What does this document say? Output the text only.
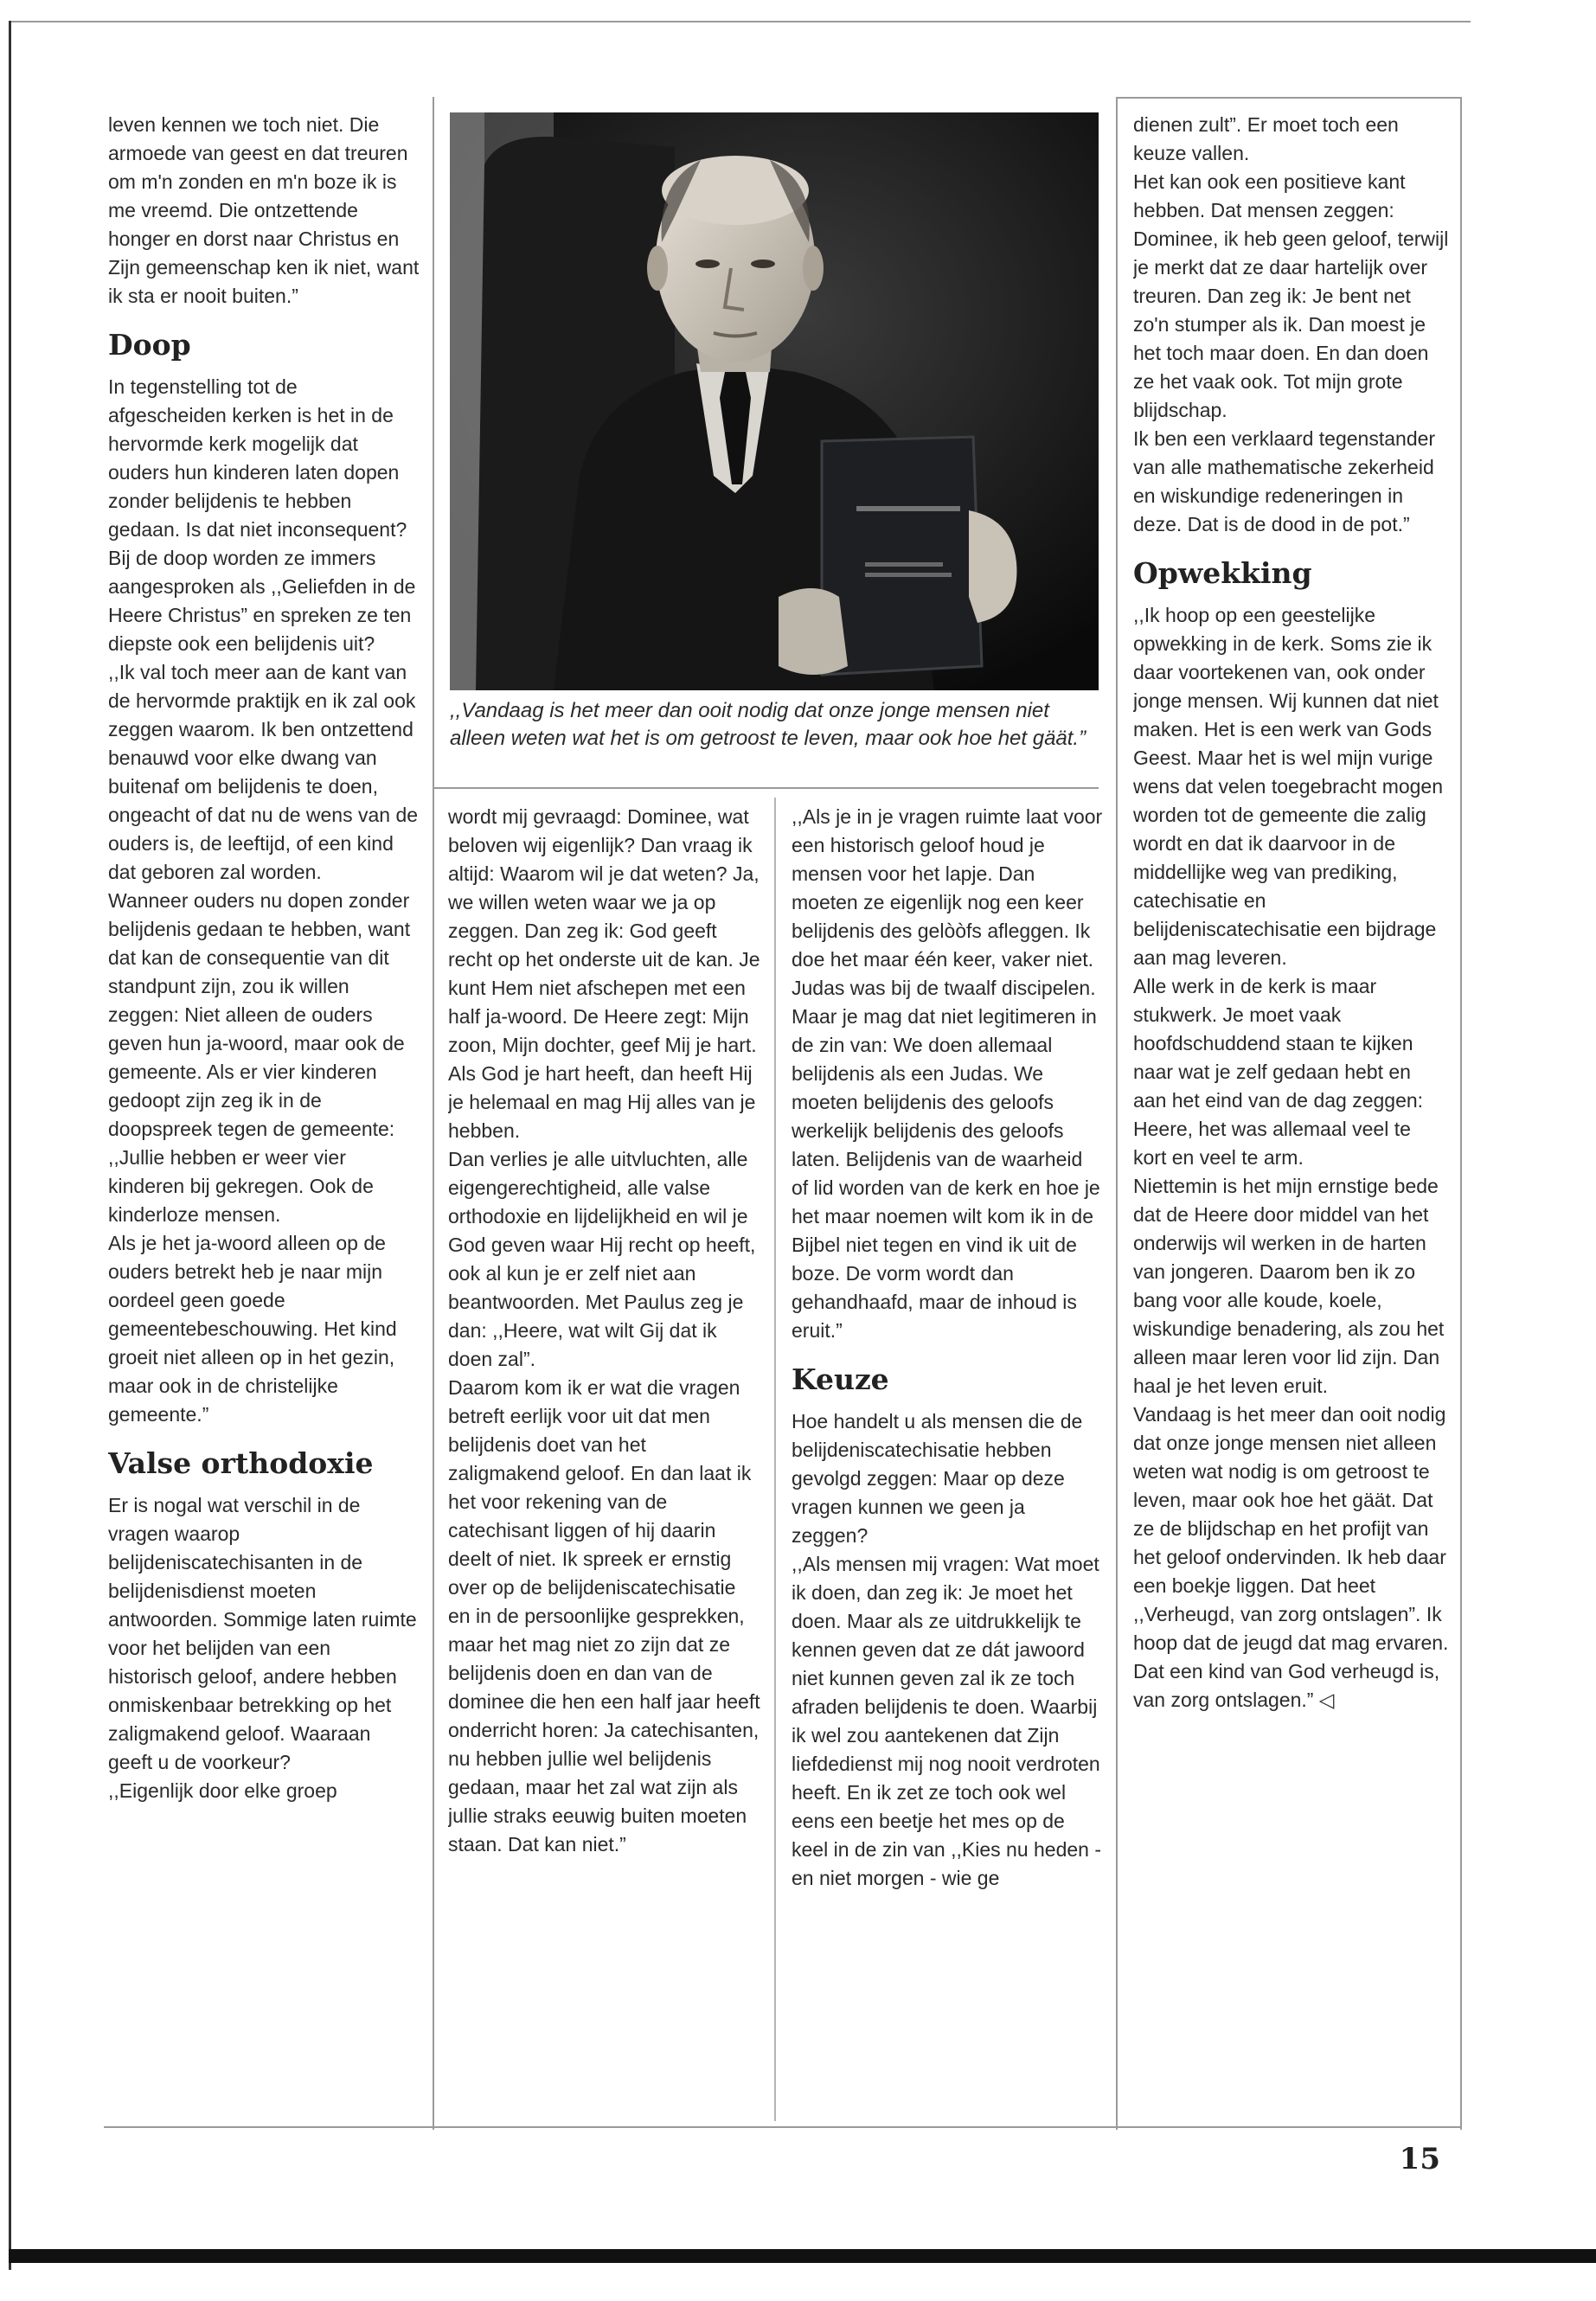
,,Vandaag is het meer dan ooit nodig dat onze jonge mensen niet alleen weten wat het is om getroost te leven, maar ook hoe het gäät.”

leven kennen we toch niet. Die armoede van geest en dat treuren om m'n zonden en m'n boze ik is me vreemd. Die ontzettende honger en dorst naar Christus en Zijn gemeenschap ken ik niet, want ik sta er nooit buiten.”

Doop

In tegenstelling tot de afgescheiden kerken is het in de hervormde kerk mogelijk dat ouders hun kinderen laten dopen zonder belijdenis te hebben gedaan. Is dat niet inconsequent? Bij de doop worden ze immers aangesproken als ,,Geliefden in de Heere Christus” en spreken ze ten diepste ook een belijdenis uit?

,,Ik val toch meer aan de kant van de hervormde praktijk en ik zal ook zeggen waarom. Ik ben ontzettend benauwd voor elke dwang van buitenaf om belijdenis te doen, ongeacht of dat nu de wens van de ouders is, de leeftijd, of een kind dat geboren zal worden.

Wanneer ouders nu dopen zonder belijdenis gedaan te hebben, want dat kan de consequentie van dit standpunt zijn, zou ik willen zeggen: Niet alleen de ouders geven hun ja-woord, maar ook de gemeente. Als er vier kinderen gedoopt zijn zeg ik in de doopspreek tegen de gemeente: ,,Jullie hebben er weer vier kinderen bij gekregen. Ook de kinderloze mensen.

Als je het ja-woord alleen op de ouders betrekt heb je naar mijn oordeel geen goede gemeentebeschouwing. Het kind groeit niet alleen op in het gezin, maar ook in de christelijke gemeente.”

Valse orthodoxie

Er is nogal wat verschil in de vragen waarop belijdeniscatechisanten in de belijdenisdienst moeten antwoorden. Sommige laten ruimte voor het belijden van een historisch geloof, andere hebben onmiskenbaar betrekking op het zaligmakend geloof. Waaraan geeft u de voorkeur?

,,Eigenlijk door elke groep

wordt mij gevraagd: Dominee, wat beloven wij eigenlijk? Dan vraag ik altijd: Waarom wil je dat weten? Ja, we willen weten waar we ja op zeggen. Dan zeg ik: God geeft recht op het onderste uit de kan. Je kunt Hem niet afschepen met een half ja-woord. De Heere zegt: Mijn zoon, Mijn dochter, geef Mij je hart. Als God je hart heeft, dan heeft Hij je helemaal en mag Hij alles van je hebben.

Dan verlies je alle uitvluchten, alle eigengerechtigheid, alle valse orthodoxie en lijdelijkheid en wil je God geven waar Hij recht op heeft, ook al kun je er zelf niet aan beantwoorden. Met Paulus zeg je dan: ,,Heere, wat wilt Gij dat ik doen zal”.

Daarom kom ik er wat die vragen betreft eerlijk voor uit dat men belijdenis doet van het zaligmakend geloof. En dan laat ik het voor rekening van de catechisant liggen of hij daarin deelt of niet. Ik spreek er ernstig over op de belijdeniscatechisatie en in de persoonlijke gesprekken, maar het mag niet zo zijn dat ze belijdenis doen en dan van de dominee die hen een half jaar heeft onderricht horen: Ja catechisanten, nu hebben jullie wel belijdenis gedaan, maar het zal wat zijn als jullie straks eeuwig buiten moeten staan. Dat kan niet.”

,,Als je in je vragen ruimte laat voor een historisch geloof houd je mensen voor het lapje. Dan moeten ze eigenlijk nog een keer belijdenis des gelòòfs afleggen. Ik doe het maar één keer, vaker niet.

Judas was bij de twaalf discipelen. Maar je mag dat niet legitimeren in de zin van: We doen allemaal belijdenis als een Judas. We moeten belijdenis des geloofs werkelijk belijdenis des geloofs laten. Belijdenis van de waarheid of lid worden van de kerk en hoe je het maar noemen wilt kom ik in de Bijbel niet tegen en vind ik uit de boze. De vorm wordt dan gehandhaafd, maar de inhoud is eruit.”

Keuze

Hoe handelt u als mensen die de belijdeniscatechisatie hebben gevolgd zeggen: Maar op deze vragen kunnen we geen ja zeggen?

,,Als mensen mij vragen: Wat moet ik doen, dan zeg ik: Je moet het doen. Maar als ze uitdrukkelijk te kennen geven dat ze dát jawoord niet kunnen geven zal ik ze toch afraden belijdenis te doen. Waarbij ik wel zou aantekenen dat Zijn liefdedienst mij nog nooit verdroten heeft. En ik zet ze toch ook wel eens een beetje het mes op de keel in de zin van ,,Kies nu heden - en niet morgen - wie ge

dienen zult”. Er moet toch een keuze vallen.

Het kan ook een positieve kant hebben. Dat mensen zeggen: Dominee, ik heb geen geloof, terwijl je merkt dat ze daar hartelijk over treuren. Dan zeg ik: Je bent net zo'n stumper als ik. Dan moest je het toch maar doen. En dan doen ze het vaak ook. Tot mijn grote blijdschap.

Ik ben een verklaard tegenstander van alle mathematische zekerheid en wiskundige redeneringen in deze. Dat is de dood in de pot.”

Opwekking

,,Ik hoop op een geestelijke opwekking in de kerk. Soms zie ik daar voortekenen van, ook onder jonge mensen. Wij kunnen dat niet maken. Het is een werk van Gods Geest. Maar het is wel mijn vurige wens dat velen toegebracht mogen worden tot de gemeente die zalig wordt en dat ik daarvoor in de middellijke weg van prediking, catechisatie en belijdeniscatechisatie een bijdrage aan mag leveren.

Alle werk in de kerk is maar stukwerk. Je moet vaak hoofdschuddend staan te kijken naar wat je zelf gedaan hebt en aan het eind van de dag zeggen: Heere, het was allemaal veel te kort en veel te arm.

Niettemin is het mijn ernstige bede dat de Heere door middel van het onderwijs wil werken in de harten van jongeren. Daarom ben ik zo bang voor alle koude, koele, wiskundige benadering, als zou het alleen maar leren voor lid zijn. Dan haal je het leven eruit.

Vandaag is het meer dan ooit nodig dat onze jonge mensen niet alleen weten wat nodig is om getroost te leven, maar ook hoe het gäät. Dat ze de blijdschap en het profijt van het geloof ondervinden. Ik heb daar een boekje liggen. Dat heet ,,Verheugd, van zorg ontslagen”. Ik hoop dat de jeugd dat mag ervaren. Dat een kind van God verheugd is, van zorg ontslagen.” ◁

15
